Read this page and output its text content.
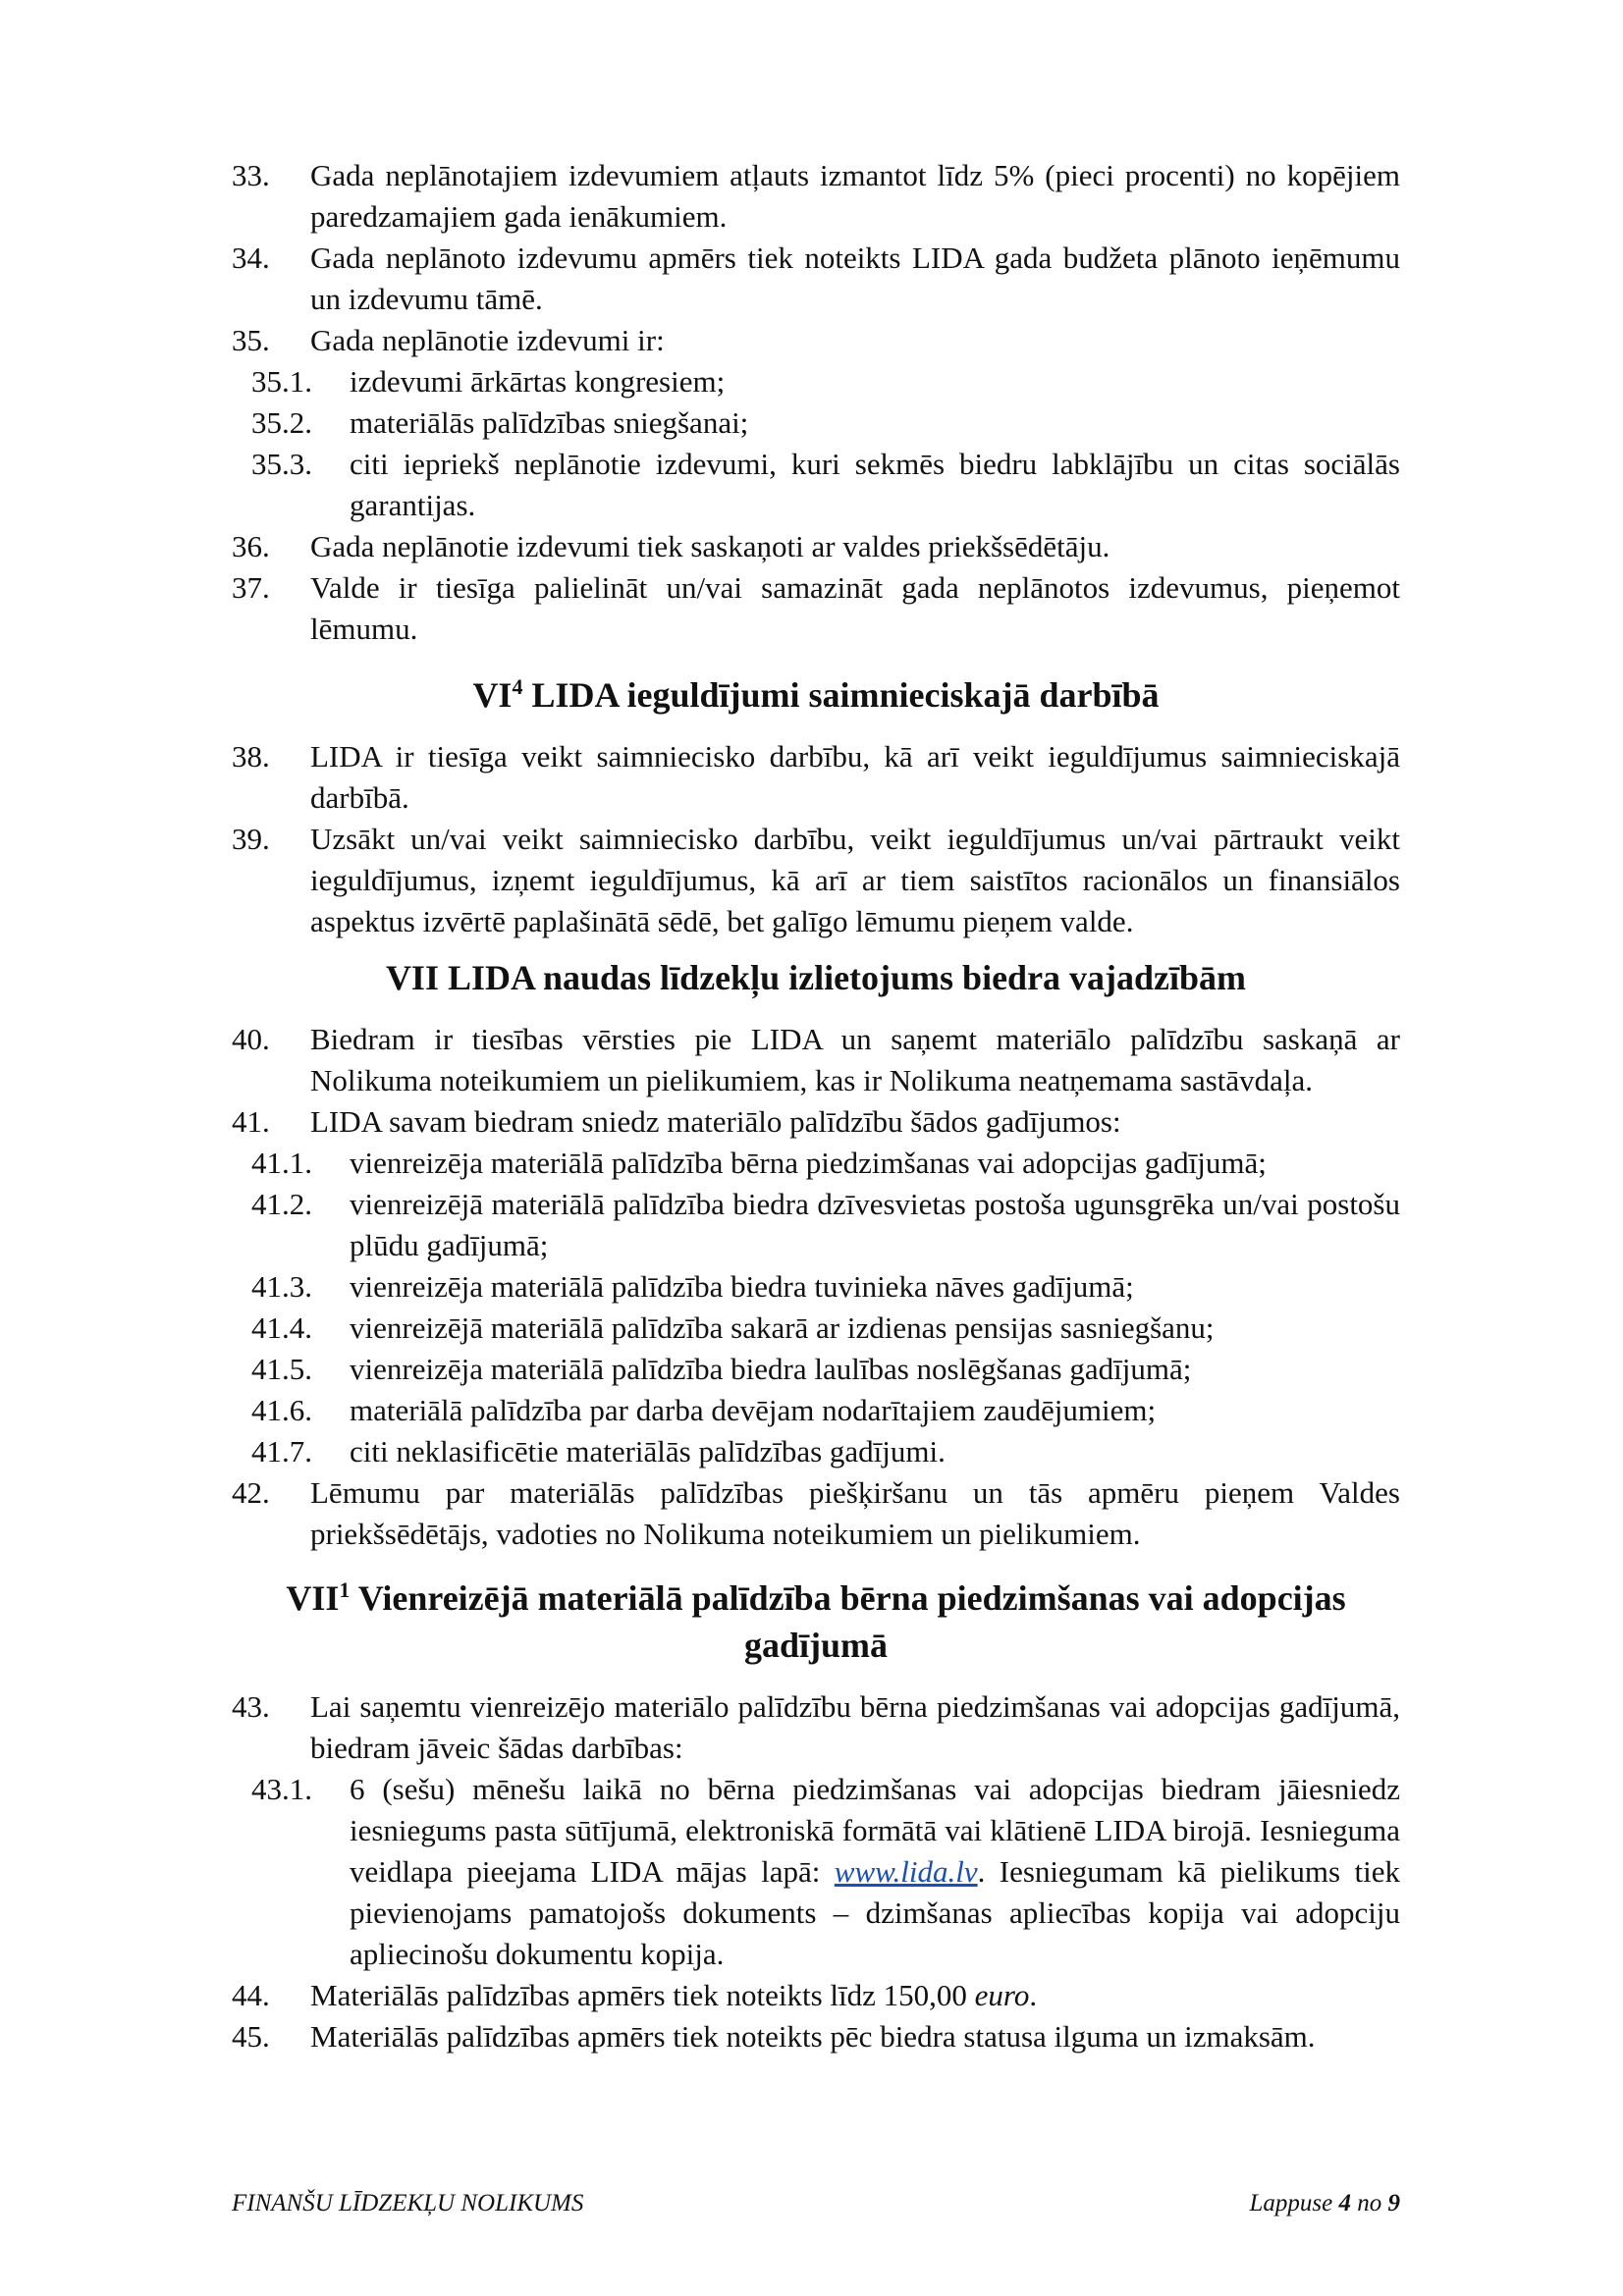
33. Gada neplānotajiem izdevumiem atļauts izmantot līdz 5% (pieci procenti) no kopējiem paredzamajiem gada ienākumiem.
34. Gada neplānoto izdevumu apmērs tiek noteikts LIDA gada budžeta plānoto ieņēmumu un izdevumu tāmē.
35. Gada neplānotie izdevumi ir:
35.1. izdevumi ārkārtas kongresiem;
35.2. materiālās palīdzības sniegšanai;
35.3. citi iepriekš neplānotie izdevumi, kuri sekmēs biedru labklājību un citas sociālās garantijas.
36. Gada neplānotie izdevumi tiek saskaņoti ar valdes priekšsēdētāju.
37. Valde ir tiesīga palielināt un/vai samazināt gada neplānotos izdevumus, pieņemot lēmumu.
$VI^4$ LIDA ieguldījumi saimnieciskajā darbībā
38. LIDA ir tiesīga veikt saimniecisko darbību, kā arī veikt ieguldījumus saimnieciskajā darbībā.
39. Uzsākt un/vai veikt saimniecisko darbību, veikt ieguldījumus un/vai pārtraukt veikt ieguldījumus, izņemt ieguldījumus, kā arī ar tiem saistītos racionālos un finansiālos aspektus izvērtē paplašinātā sēdē, bet galīgo lēmumu pieņem valde.
VII LIDA naudas līdzekļu izlietojums biedra vajadzībām
40. Biedram ir tiesības vērsties pie LIDA un saņemt materiālo palīdzību saskaņā ar Nolikuma noteikumiem un pielikumiem, kas ir Nolikuma neatņemama sastāvdaļa.
41. LIDA savam biedram sniedz materiālo palīdzību šādos gadījumos:
41.1. vienreizēja materiālā palīdzība bērna piedzimšanas vai adopcijas gadījumā;
41.2. vienreizējā materiālā palīdzība biedra dzīvesvietas postoša ugunsgrēka un/vai postošu plūdu gadījumā;
41.3. vienreizēja materiālā palīdzība biedra tuvinieka nāves gadījumā;
41.4. vienreizējā materiālā palīdzība sakarā ar izdienas pensijas sasniegšanu;
41.5. vienreizēja materiālā palīdzība biedra laulības noslēgšanas gadījumā;
41.6. materiālā palīdzība par darba devējam nodarītajiem zaudējumiem;
41.7. citi neklasificētie materiālās palīdzības gadījumi.
42. Lēmumu par materiālās palīdzības piešķiršanu un tās apmēru pieņem Valdes priekšsēdētājs, vadoties no Nolikuma noteikumiem un pielikumiem.
VII$^1$ Vienreizējā materiālā palīdzība bērna piedzimšanas vai adopcijas gadījumā
43. Lai saņemtu vienreizējo materiālo palīdzību bērna piedzimšanas vai adopcijas gadījumā, biedram jāveic šādas darbības:
43.1. 6 (sešu) mēnešu laikā no bērna piedzimšanas vai adopcijas biedram jāiesniedz iesniegums pasta sūtījumā, elektroniskā formātā vai klātienē LIDA birojā. Iesnieguma veidlapa pieejama LIDA mājas lapā: www.lida.lv. Iesniegumam kā pielikums tiek pievienojams pamatojošs dokuments – dzimšanas apliecības kopija vai adopciju apliecinošu dokumentu kopija.
44. Materiālās palīdzības apmērs tiek noteikts līdz 150,00 euro.
45. Materiālās palīdzības apmērs tiek noteikts pēc biedra statusa ilguma un izmaksām.
FINANŠU LĪDZEKĻU NOLIKUMS	Lappuse 4 no 9
